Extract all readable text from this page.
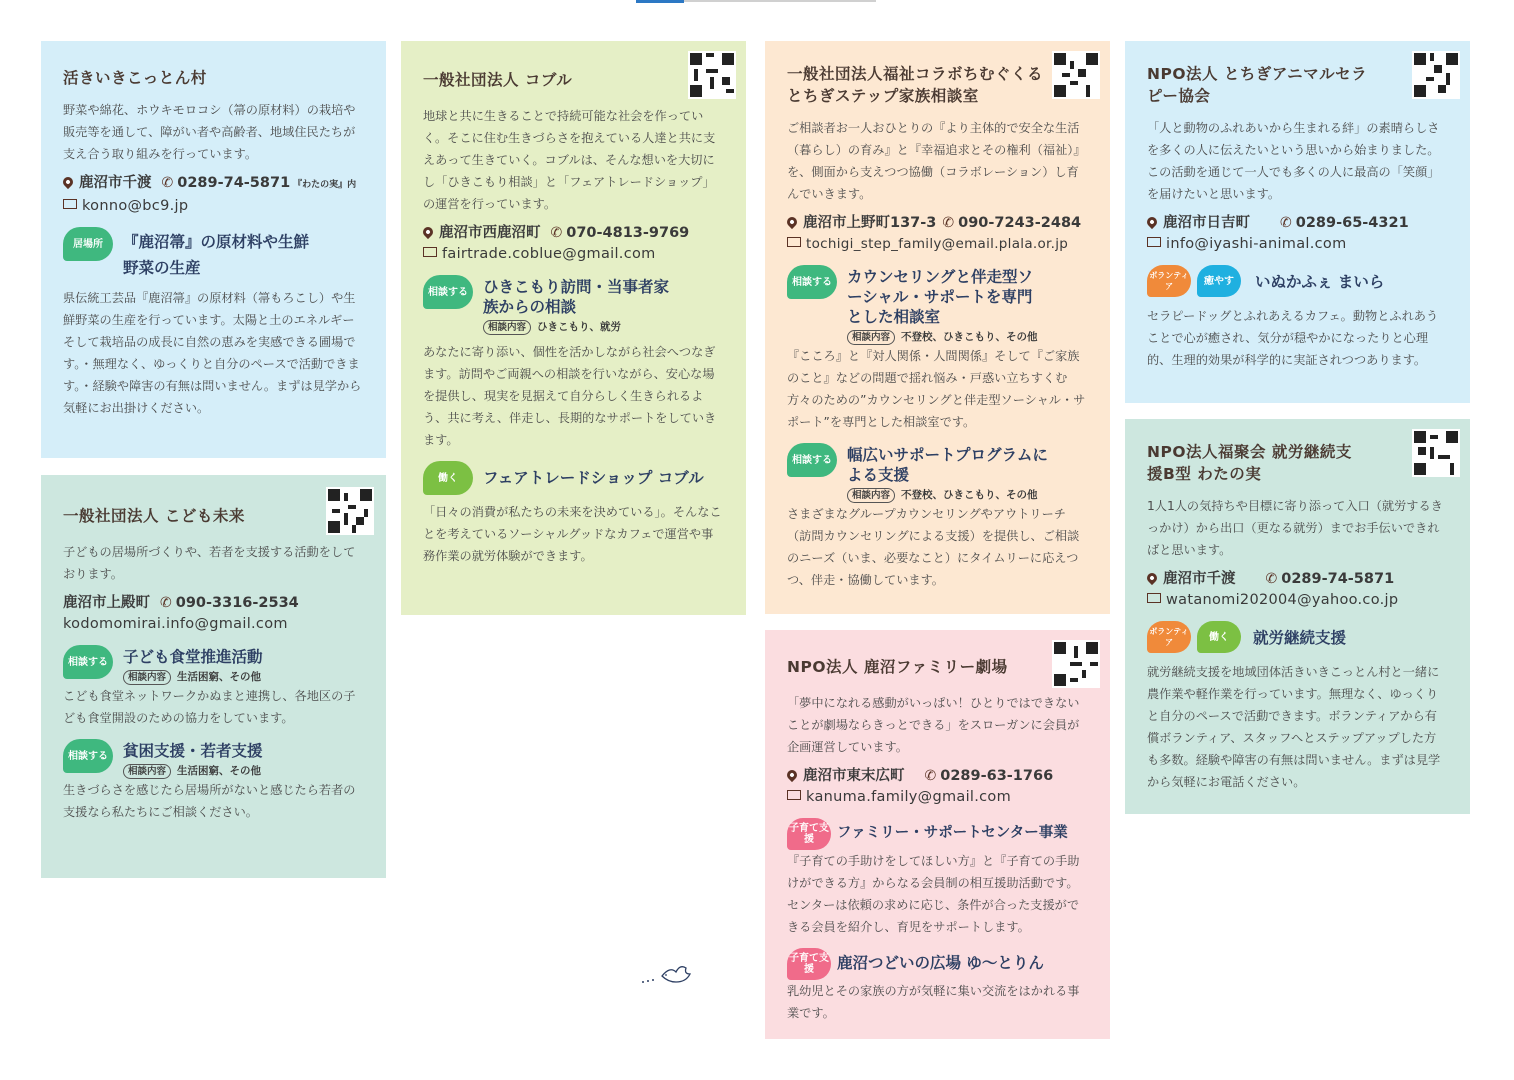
活きいきこっとん村

野菜や綿花、ホウキモロコシ（箒の原材料）の栽培や販売等を通して、障がい者や高齢者、地域住民たちが支え合う取り組みを行っています。

鹿沼市千渡 ✆ 0289-74-5871 『わたの実』内
konno@bc9.jp
居場所	『鹿沼箒』の原材料や生鮮野菜の生産

県伝統工芸品『鹿沼箒』の原材料（箒もろこし）や生鮮野菜の生産を行っています。太陽と土のエネルギーそして栽培品の成長に自然の恵みを実感できる圃場です。・無理なく、ゆっくりと自分のペースで活動できます。・経験や障害の有無は問いません。まずは見学から気軽にお出掛けください。

一般社団法人 こども未来

子どもの居場所づくりや、若者を支援する活動をしております。

鹿沼市上殿町 ✆ 090-3316-2534
kodomomirai.info@gmail.com
相談する 子ども食堂推進活動
相談内容 生活困窮、その他

こども食堂ネットワークかぬまと連携し、各地区の子ども食堂開設のための協力をしています。

相談する 貧困支援・若者支援
相談内容 生活困窮、その他

生きづらさを感じたら居場所がないと感じたら若者の支援なら私たちにご相談ください。

一般社団法人 コブル

地球と共に生きることで持続可能な社会を作っていく。そこに住む生きづらさを抱えている人達と共に支えあって生きていく。コブルは、そんな想いを大切にし「ひきこもり相談」と「フェアトレードショップ」の運営を行っています。

鹿沼市西鹿沼町 ✆ 070-4813-9769
fairtrade.coblue@gmail.com
相談する ひきこもり訪問・当事者家族からの相談
相談内容 ひきこもり、就労

あなたに寄り添い、個性を活かしながら社会へつなぎます。訪問やご両親への相談を行いながら、安心な場を提供し、現実を見据えて自分らしく生きられるよう、共に考え、伴走し、長期的なサポートをしていきます。

働く	フェアトレードショップ コブル

「日々の消費が私たちの未来を決めている」。そんなことを考えているソーシャルグッドなカフェで運営や事務作業の就労体験ができます。

一般社団法人福祉コラボちむぐくる とちぎステップ家族相談室

ご相談者お一人おひとりの『より主体的で安全な生活（暮らし）の育み』と『幸福追求とその権利（福祉）』を、側面から支えつつ協働（コラボレーション）し育んでいきます。

鹿沼市上野町137-3 ✆ 090-7243-2484
tochigi_step_family@email.plala.or.jp
相談する カウンセリングと伴走型ソーシャル・サポートを専門とした相談室
相談内容 不登校、ひきこもり、その他

『こころ』と『対人関係・人間関係』そして『ご家族のこと』などの問題で揺れ悩み・戸惑い立ちすくむ方々のための”カウンセリングと伴走型ソーシャル・サポート”を専門とした相談室です。

相談する 幅広いサポートプログラムによる支援
相談内容 不登校、ひきこもり、その他

さまざまなグループカウンセリングやアウトリーチ（訪問カウンセリングによる支援）を提供し、ご相談のニーズ（いま、必要なこと）にタイムリーに応えつつ、伴走・協働しています。

NPO法人 鹿沼ファミリー劇場

「夢中になれる感動がいっぱい！ひとりではできないことが劇場ならきっとできる」をスローガンに会員が企画運営しています。

鹿沼市東末広町 ✆ 0289-63-1766
kanuma.family@gmail.com
子育て支援	ファミリー・サポートセンター事業

『子育ての手助けをしてほしい方』と『子育ての手助けができる方』からなる会員制の相互援助活動です。センターは依頼の求めに応じ、条件が合った支援ができる会員を紹介し、育児をサポートします。

子育て支援	鹿沼つどいの広場 ゆ〜とりん

乳幼児とその家族の方が気軽に集い交流をはかれる事業です。

NPO法人 とちぎアニマルセラピー協会

「人と動物のふれあいから生まれる絆」の素晴らしさを多くの人に伝えたいという思いから始まりました。この活動を通じて一人でも多くの人に最高の「笑顔」を届けたいと思います。

鹿沼市日吉町 ✆ 0289-65-4321
info@iyashi-animal.com
ボランティア	癒やす	いぬかふぇ まいら

セラピードッグとふれあえるカフェ。動物とふれあうことで心が癒され、気分が穏やかになったりと心理的、生理的効果が科学的に実証されつつあります。

NPO法人福聚会 就労継続支援B型 わたの実

1人1人の気持ちや目標に寄り添って入口（就労するきっかけ）から出口（更なる就労）までお手伝いできればと思います。

鹿沼市千渡 ✆ 0289-74-5871
watanomi202004@yahoo.co.jp
ボランティア	働く	就労継続支援

就労継続支援を地域団体活きいきこっとん村と一緒に農作業や軽作業を行っています。無理なく、ゆっくりと自分のペースで活動できます。ボランティアから有償ボランティア、スタッフへとステップアップした方も多数。経験や障害の有無は問いません。まずは見学から気軽にお電話ください。
